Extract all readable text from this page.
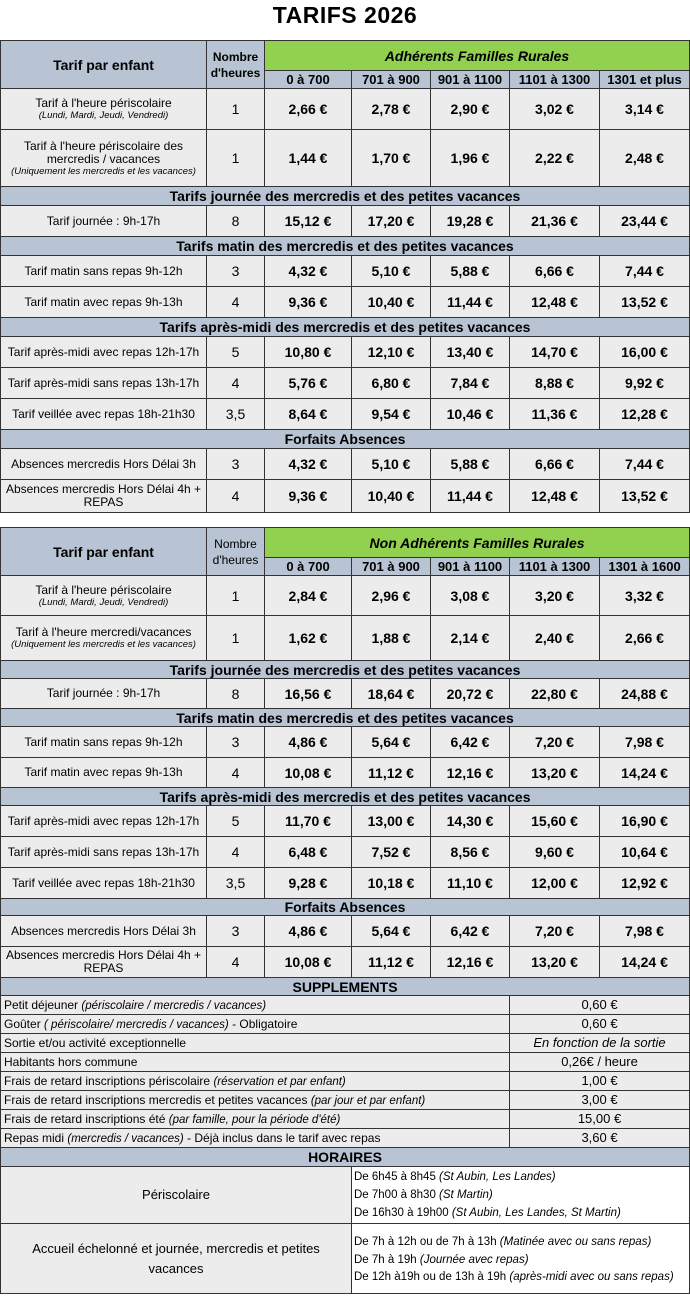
TARIFS 2026
Tarif par enfant	Nombre d'heures	Adhérents Familles Rurales				
		0 à 700	701 à 900	901 à 1100	1101 à 1300	1301 et plus
Tarif à l'heure périscolaire
(Lundi, Mardi, Jeudi, Vendredi)	1	2,66 €	2,78 €	2,90 €	3,02 €	3,14 €
Tarif à l'heure périscolaire des mercredis / vacances
(Uniquement les mercredis et les vacances)	1	1,44 €	1,70 €	1,96 €	2,22 €	2,48 €
Tarifs journée des mercredis et des petites vacances						
Tarif journée : 9h-17h	8	15,12 €	17,20 €	19,28 €	21,36 €	23,44 €
Tarifs matin des mercredis et des petites vacances						
Tarif matin sans repas 9h-12h	3	4,32 €	5,10 €	5,88 €	6,66 €	7,44 €
Tarif matin avec repas 9h-13h	4	9,36 €	10,40 €	11,44 €	12,48 €	13,52 €
Tarifs après-midi des mercredis et des petites vacances						
Tarif après-midi avec repas 12h-17h	5	10,80 €	12,10 €	13,40 €	14,70 €	16,00 €
Tarif après-midi sans repas 13h-17h	4	5,76 €	6,80 €	7,84 €	8,88 €	9,92 €
Tarif veillée avec repas 18h-21h30	3,5	8,64 €	9,54 €	10,46 €	11,36 €	12,28 €
Forfaits Absences						
Absences mercredis Hors Délai 3h	3	4,32 €	5,10 €	5,88 €	6,66 €	7,44 €
Absences mercredis Hors Délai 4h + REPAS	4	9,36 €	10,40 €	11,44 €	12,48 €	13,52 €
Tarif par enfant	Nombre d'heures	Non Adhérents Familles Rurales				
		0 à 700	701 à 900	901 à 1100	1101 à 1300	1301 à 1600
Tarif à l'heure périscolaire
(Lundi, Mardi, Jeudi, Vendredi)	1	2,84 €	2,96 €	3,08 €	3,20 €	3,32 €
Tarif à l'heure mercredi/vacances
(Uniquement les mercredis et les vacances)	1	1,62 €	1,88 €	2,14 €	2,40 €	2,66 €
Tarifs journée des mercredis et des petites vacances						
Tarif journée : 9h-17h	8	16,56 €	18,64 €	20,72 €	22,80 €	24,88 €
Tarifs matin des mercredis et des petites vacances						
Tarif matin sans repas 9h-12h	3	4,86 €	5,64 €	6,42 €	7,20 €	7,98 €
Tarif matin avec repas 9h-13h	4	10,08 €	11,12 €	12,16 €	13,20 €	14,24 €
Tarifs après-midi des mercredis et des petites vacances						
Tarif après-midi avec repas 12h-17h	5	11,70 €	13,00 €	14,30 €	15,60 €	16,90 €
Tarif après-midi sans repas 13h-17h	4	6,48 €	7,52 €	8,56 €	9,60 €	10,64 €
Tarif veillée avec repas 18h-21h30	3,5	9,28 €	10,18 €	11,10 €	12,00 €	12,92 €
Forfaits Absences						
Absences mercredis Hors Délai 3h	3	4,86 €	5,64 €	6,42 €	7,20 €	7,98 €
Absences mercredis Hors Délai 4h + REPAS	4	10,08 €	11,12 €	12,16 €	13,20 €	14,24 €
SUPPLEMENTS						
Petit déjeuner (périscolaire / mercredis / vacances)					0,60 €	
Goûter ( périscolaire/ mercredis / vacances) - Obligatoire					0,60 €	
Sortie et/ou activité exceptionnelle					En fonction de la sortie	
Habitants hors commune					0,26€ / heure	
Frais de retard inscriptions périscolaire (réservation et par enfant)					1,00 €	
Frais de retard inscriptions mercredis et petites vacances (par jour et par enfant)					3,00 €	
Frais de retard inscriptions été (par famille, pour la période d'été)					15,00 €	
Repas midi (mercredis / vacances) - Déjà inclus dans le tarif avec repas					3,60 €	
HORAIRES						
Périscolaire			De 6h45 à 8h45 (St Aubin, Les Landes)
De 7h00 à 8h30 (St Martin)
De 16h30 à 19h00 (St Aubin, Les Landes, St Martin)			

Accueil échelonné et journée, mercredis et petites vacances			De 7h à 12h ou de 7h à 13h (Matinée avec ou sans repas)
De 7h à 19h (Journée avec repas)
De 12h à19h ou de 13h à 19h (après-midi avec ou sans repas)			
